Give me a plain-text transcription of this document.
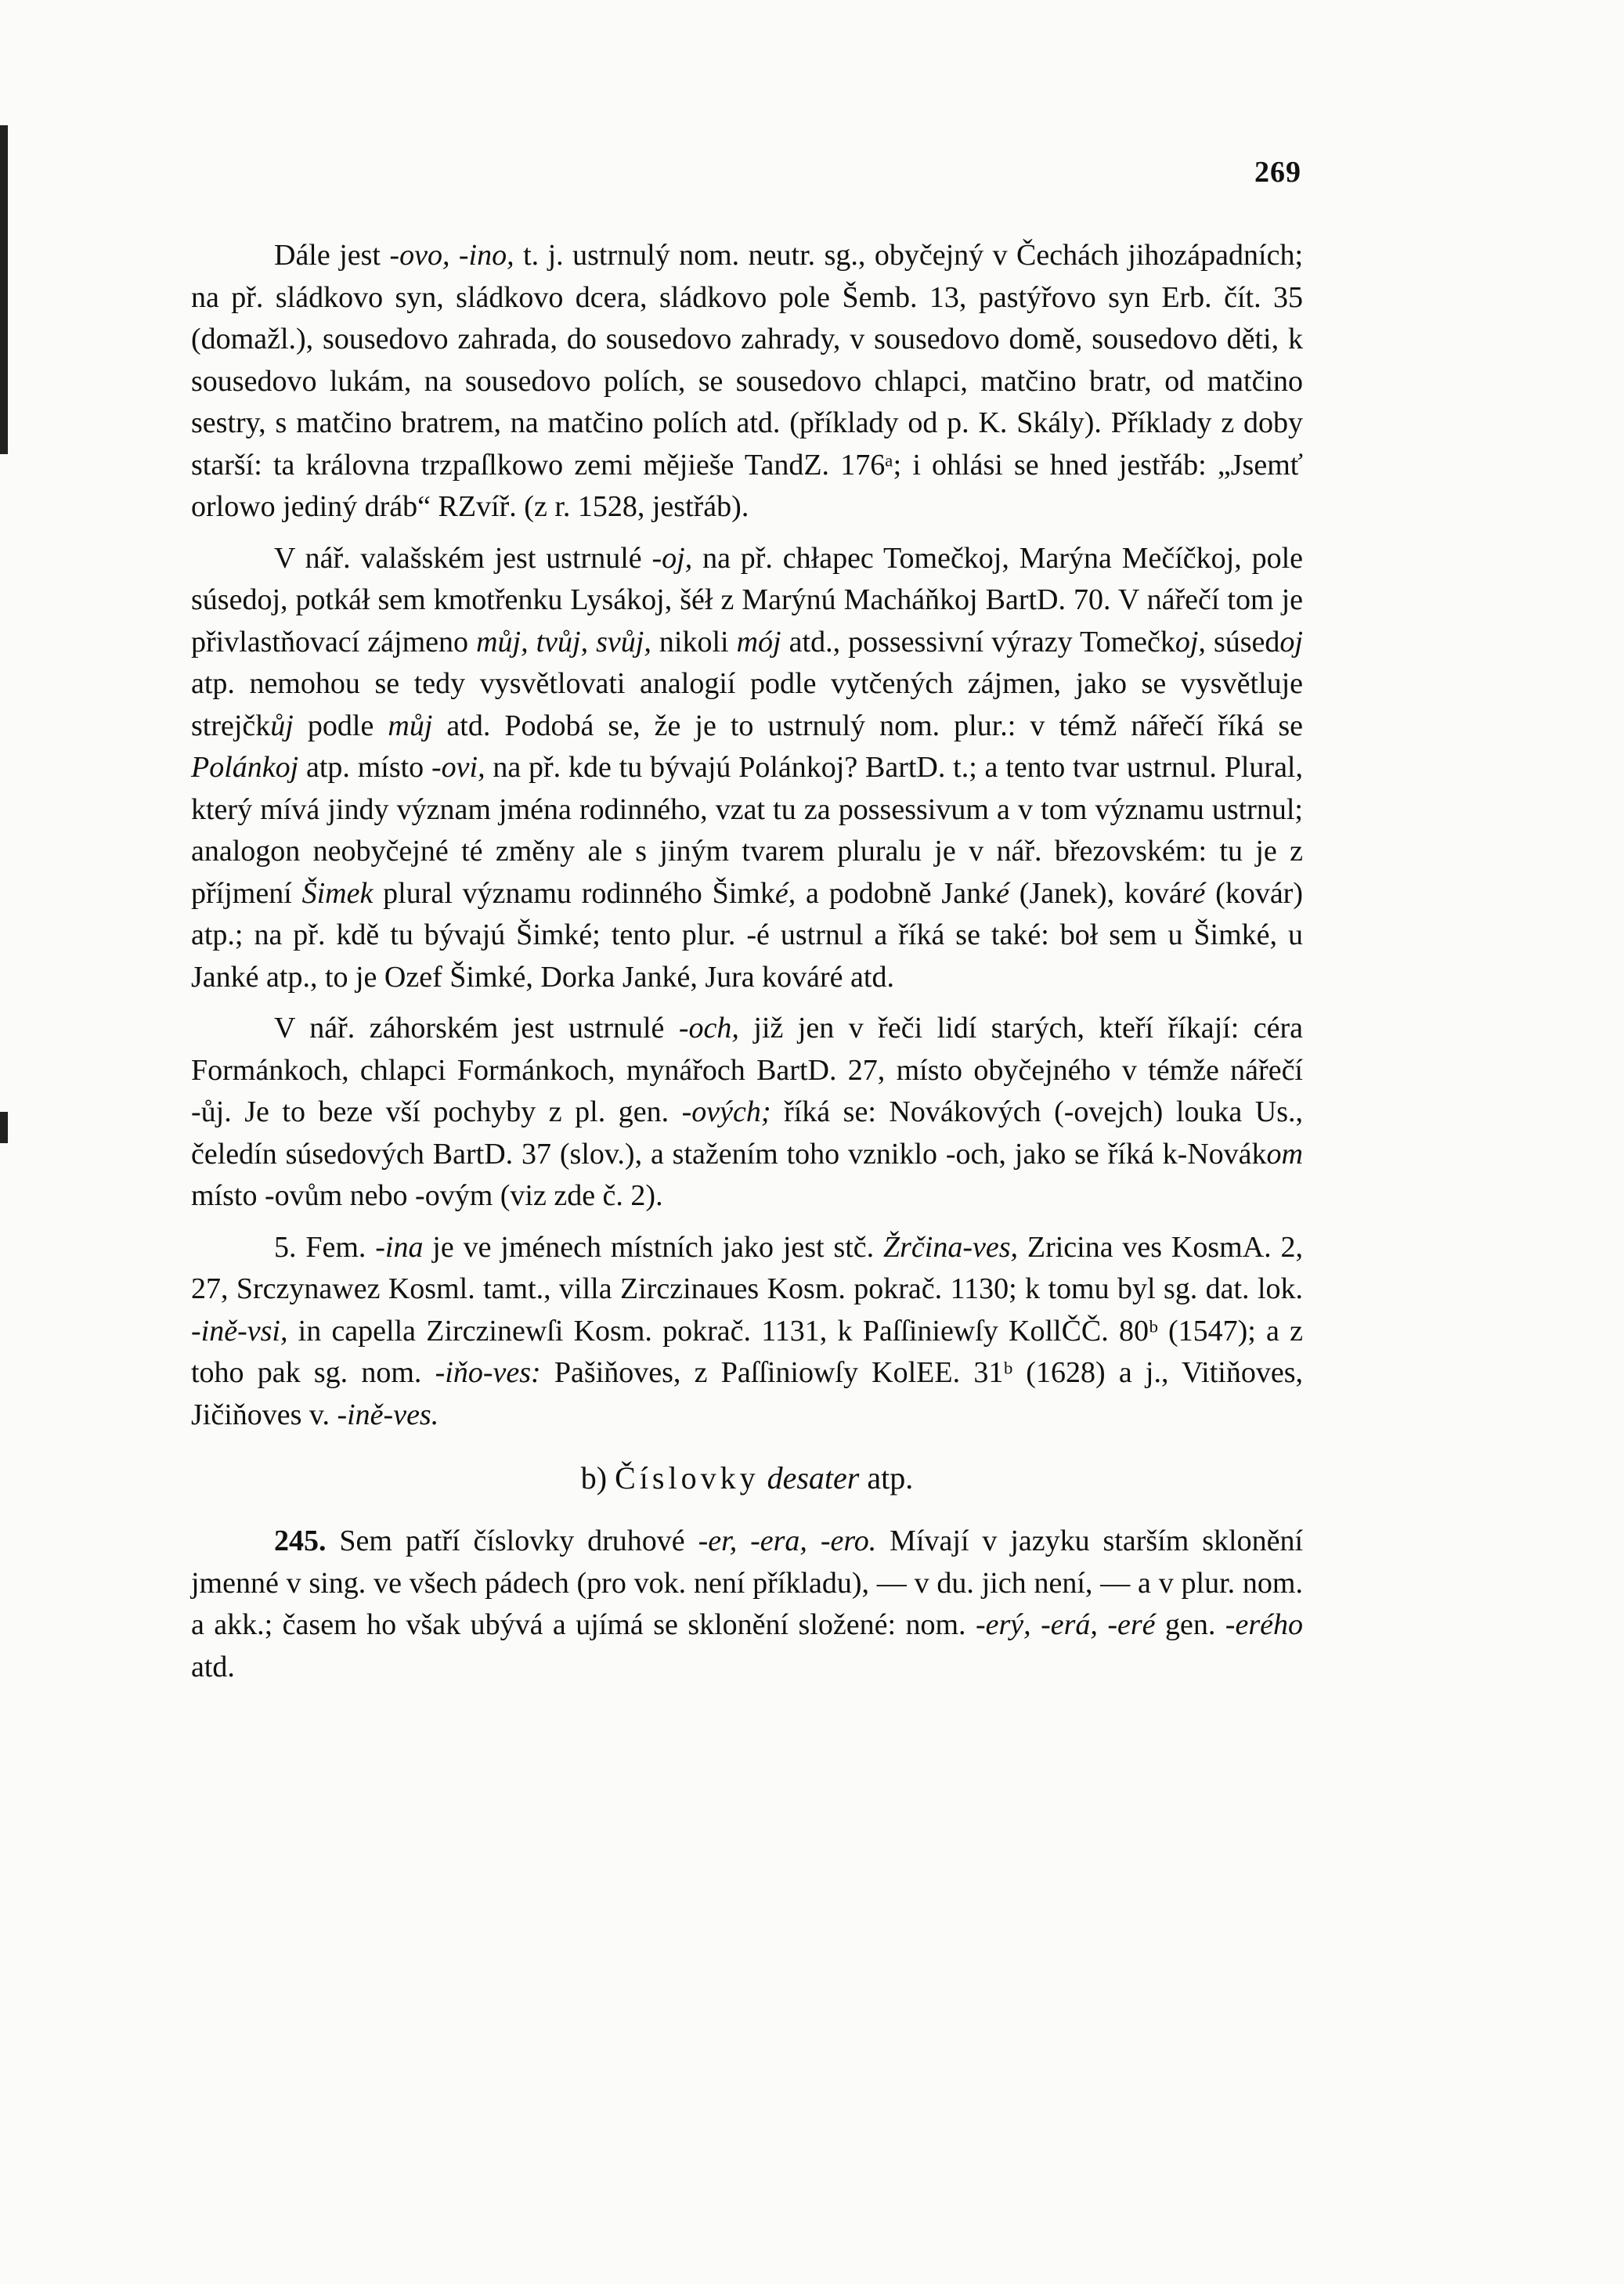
269

Dále jest -ovo, -ino, t. j. ustrnulý nom. neutr. sg., obyčejný v Čechách jihozápadních; na př. sládkovo syn, sládkovo dcera, sládkovo pole Šemb. 13, pastýřovo syn Erb. čít. 35 (domažl.), sousedovo zahrada, do sousedovo zahrady, v sousedovo domě, sousedovo děti, k sousedovo lukám, na sousedovo polích, se sousedovo chlapci, matčino bratr, od matčino sestry, s matčino bratrem, na matčino polích atd. (příklady od p. K. Skály). Příklady z doby starší: ta královna trzpaſlkowo zemi mějieše TandZ. 176ᵃ; i ohlási se hned jestřáb: „Jsemť orlowo jediný dráb“ RZvíř. (z r. 1528, jestřáb).

V nář. valašském jest ustrnulé -oj, na př. chłapec Tomečkoj, Marýna Mečíčkoj, pole súsedoj, potkáł sem kmotřenku Lysákoj, šéł z Marýnú Macháňkoj BartD. 70. V nářečí tom je přivlastňovací zájmeno můj, tvůj, svůj, nikoli mój atd., possessivní výrazy Tomečkoj, súsedoj atp. nemohou se tedy vysvětlovati analogií podle vytčených zájmen, jako se vysvětluje strejčkůj podle můj atd. Podobá se, že je to ustrnulý nom. plur.: v témž nářečí říká se Polánkoj atp. místo -ovi, na př. kde tu bývajú Polánkoj? BartD. t.; a tento tvar ustrnul. Plural, který mívá jindy význam jména rodinného, vzat tu za possessivum a v tom významu ustrnul; analogon neobyčejné té změny ale s jiným tvarem pluralu je v nář. březovském: tu je z příjmení Šimek plural významu rodinného Šimké, a podobně Janké (Janek), kováré (kovár) atp.; na př. kdě tu bývajú Šimké; tento plur. -é ustrnul a říká se také: boł sem u Šimké, u Janké atp., to je Ozef Šimké, Dorka Janké, Jura kováré atd.

V nář. záhorském jest ustrnulé -och, již jen v řeči lidí starých, kteří říkají: céra Formánkoch, chlapci Formánkoch, mynářoch BartD. 27, místo obyčejného v témže nářečí -ůj. Je to beze vší pochyby z pl. gen. -ových; říká se: Novákových (-ovejch) louka Us., čeledín súsedových BartD. 37 (slov.), a stažením toho vzniklo -och, jako se říká k-Novákom místo -ovům nebo -ovým (viz zde č. 2).

5. Fem. -ina je ve jménech místních jako jest stč. Žrčina-ves, Zricina ves KosmA. 2, 27, Srczynawez Kosml. tamt., villa Zirczinaues Kosm. pokrač. 1130; k tomu byl sg. dat. lok. -ině-vsi, in capella Zirczinewſi Kosm. pokrač. 1131, k Paſſiniewſy KollČČ. 80ᵇ (1547); a z toho pak sg. nom. -iňo-ves: Pašiňoves, z Paſſiniowſy KolEE. 31ᵇ (1628) a j., Vitiňoves, Jičiňoves v. -ině-ves.

b) Číslovky desater atp.

245. Sem patří číslovky druhové -er, -era, -ero. Mívají v jazyku starším sklonění jmenné v sing. ve všech pádech (pro vok. není příkladu), — v du. jich není, — a v plur. nom. a akk.; časem ho však ubývá a ujímá se sklonění složené: nom. -erý, -erá, -eré gen. -erého atd.
